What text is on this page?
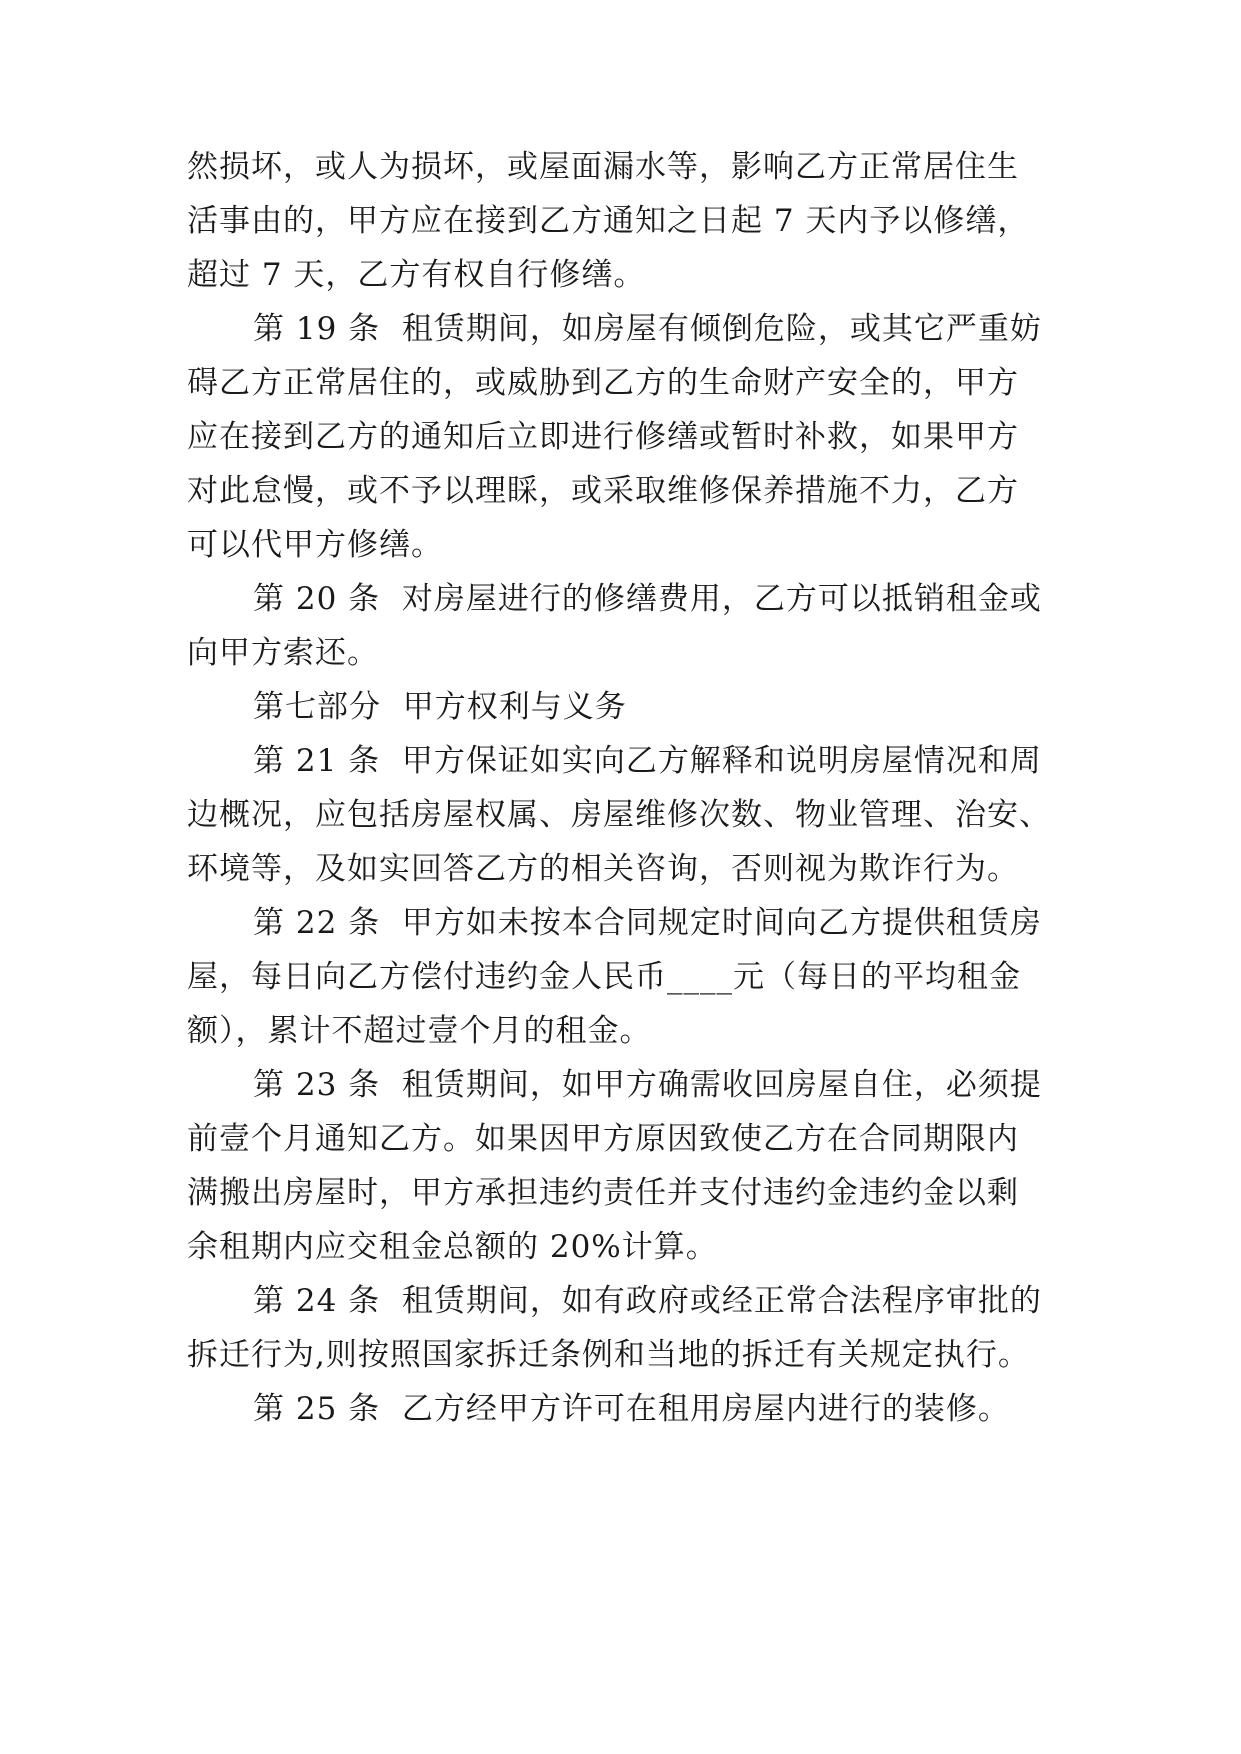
然损坏，或人为损坏，或屋面漏水等，影响乙方正常居住生
活事由的，甲方应在接到乙方通知之日起 7 天内予以修缮，
超过 7 天，乙方有权自行修缮。
第 19 条  租赁期间，如房屋有倾倒危险，或其它严重妨
碍乙方正常居住的，或威胁到乙方的生命财产安全的，甲方
应在接到乙方的通知后立即进行修缮或暂时补救，如果甲方
对此怠慢，或不予以理睬，或采取维修保养措施不力，乙方
可以代甲方修缮。
第 20 条  对房屋进行的修缮费用，乙方可以抵销租金或
向甲方索还。
第七部分  甲方权利与义务
第 21 条  甲方保证如实向乙方解释和说明房屋情况和周
边概况，应包括房屋权属、房屋维修次数、物业管理、治安、
环境等，及如实回答乙方的相关咨询，否则视为欺诈行为。
第 22 条  甲方如未按本合同规定时间向乙方提供租赁房
屋，每日向乙方偿付违约金人民币____元（每日的平均租金
额），累计不超过壹个月的租金。
第 23 条  租赁期间，如甲方确需收回房屋自住，必须提
前壹个月通知乙方。如果因甲方原因致使乙方在合同期限内
满搬出房屋时，甲方承担违约责任并支付违约金违约金以剩
余租期内应交租金总额的 20%计算。
第 24 条  租赁期间，如有政府或经正常合法程序审批的
拆迁行为,则按照国家拆迁条例和当地的拆迁有关规定执行。
第 25 条  乙方经甲方许可在租用房屋内进行的装修。
